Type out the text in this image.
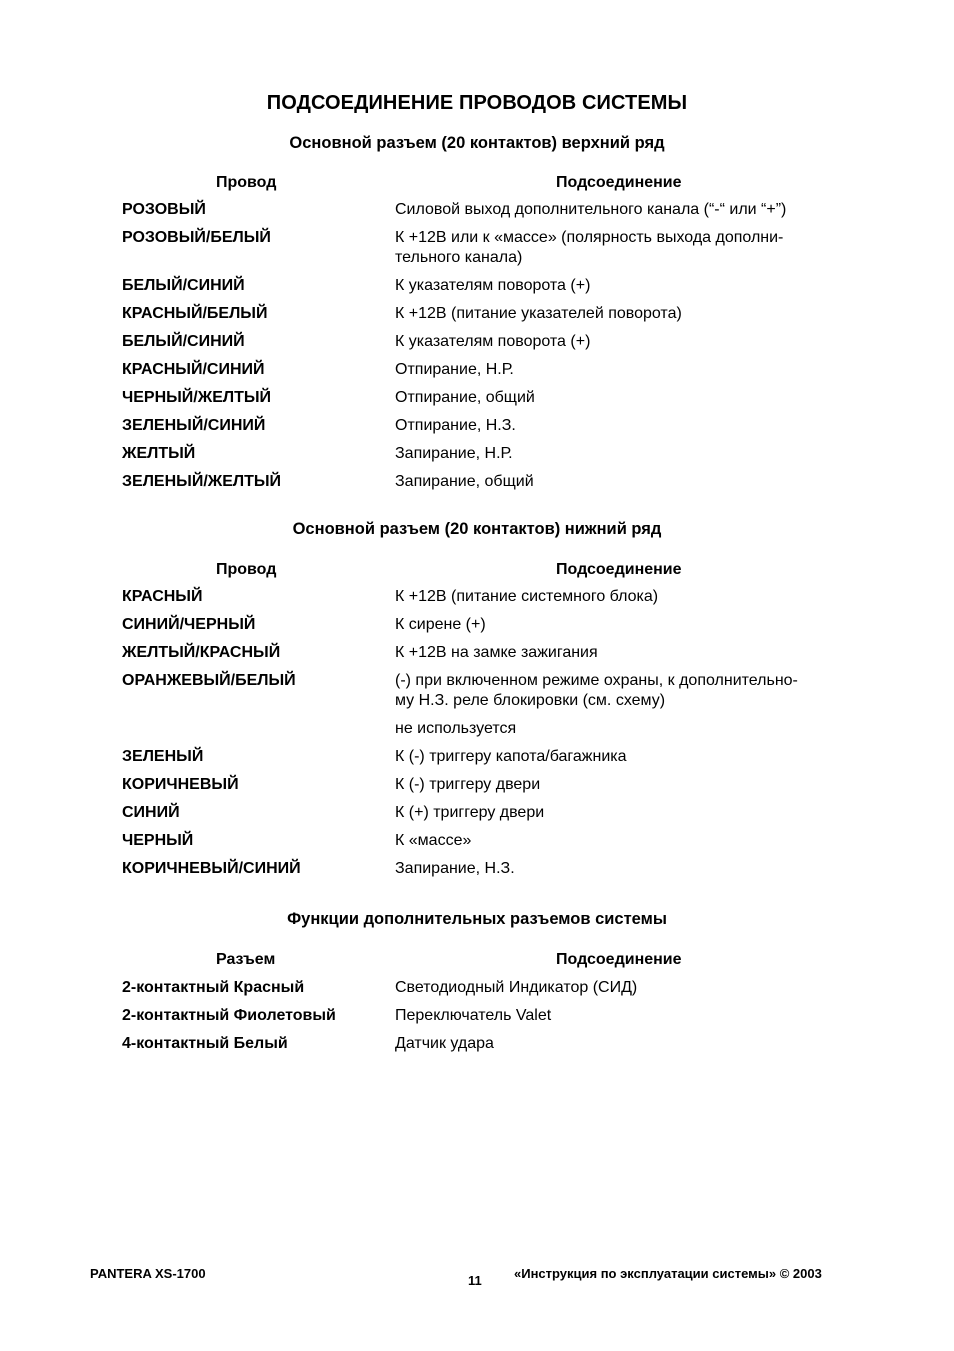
ПОДСОЕДИНЕНИЕ ПРОВОДОВ СИСТЕМЫ
Основной разъем (20 контактов) верхний ряд
Провод	Подсоединение
РОЗОВЫЙ	Силовой выход дополнительного канала (“-“ или “+”)
РОЗОВЫЙ/БЕЛЫЙ	К +12В или к «массе» (полярность выхода дополни-
тельного канала)
БЕЛЫЙ/СИНИЙ	К указателям поворота (+)
КРАСНЫЙ/БЕЛЫЙ	К +12В (питание указателей поворота)
БЕЛЫЙ/СИНИЙ	К указателям поворота (+)
КРАСНЫЙ/СИНИЙ	Отпирание, Н.Р.
ЧЕРНЫЙ/ЖЕЛТЫЙ	Отпирание, общий
ЗЕЛЕНЫЙ/СИНИЙ	Отпирание, Н.З.
ЖЕЛТЫЙ	Запирание, Н.Р.
ЗЕЛЕНЫЙ/ЖЕЛТЫЙ	Запирание, общий
Основной разъем (20 контактов) нижний ряд
Провод	Подсоединение
КРАСНЫЙ	К +12В (питание системного блока)
СИНИЙ/ЧЕРНЫЙ	К сирене (+)
ЖЕЛТЫЙ/КРАСНЫЙ	К +12В на замке зажигания
ОРАНЖЕВЫЙ/БЕЛЫЙ	(-) при включенном режиме охраны, к дополнительно-
му Н.З. реле блокировки (см. схему)
не используется
ЗЕЛЕНЫЙ	К (-) триггеру капота/багажника
КОРИЧНЕВЫЙ	К (-) триггеру двери
СИНИЙ	К (+) триггеру двери
ЧЕРНЫЙ	К «массе»
КОРИЧНЕВЫЙ/СИНИЙ	Запирание, Н.З.
Функции дополнительных разъемов системы
Разъем	Подсоединение
2-контактный Красный	Светодиодный Индикатор (СИД)
2-контактный Фиолетовый	Переключатель Valet
4-контактный Белый	Датчик удара
PANTERA XS-1700	11 «Инструкция по эксплуатации системы» © 2003
